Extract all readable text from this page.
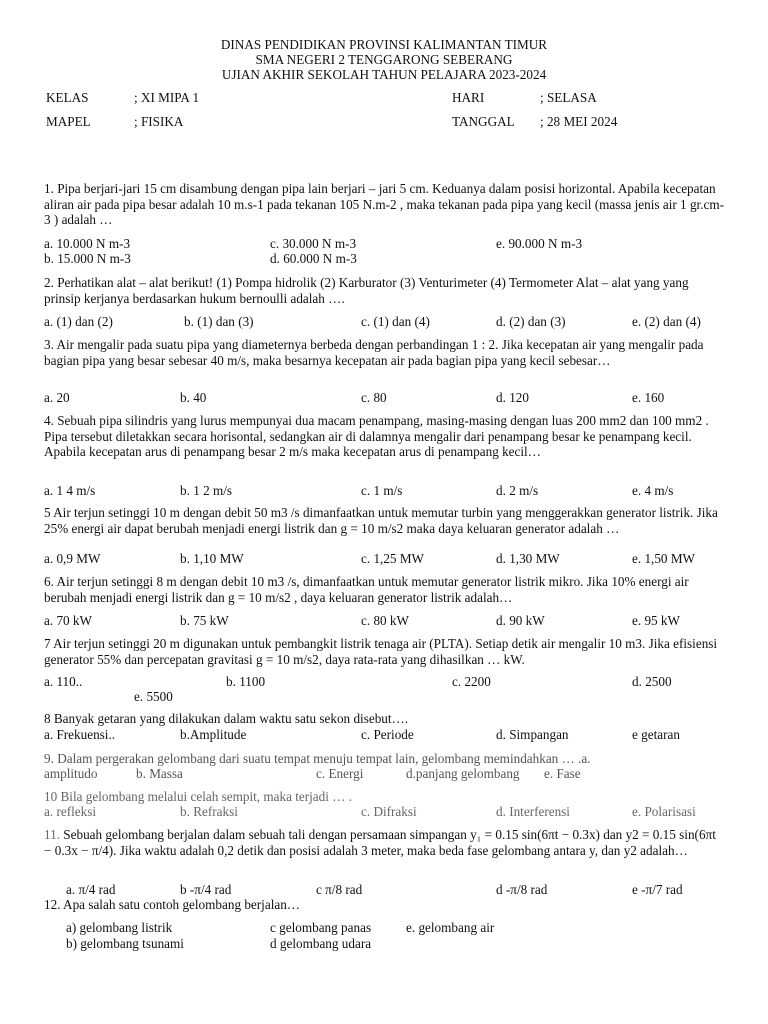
DINAS PENDIDIKAN PROVINSI KALIMANTAN TIMUR
SMA NEGERI 2 TENGGARONG SEBERANG
UJIAN AKHIR SEKOLAH TAHUN PELAJARA 2023-2024
KELAS	; XI MIPA 1	HARI	; SELASA
MAPEL	; FISIKA	TANGGAL ; 28 MEI 2024
1. Pipa berjari-jari 15 cm disambung dengan pipa lain berjari – jari 5 cm. Keduanya dalam posisi horizontal. Apabila kecepatan aliran air pada pipa besar adalah 10 m.s-1 pada tekanan 105 N.m-2 , maka tekanan pada pipa yang kecil (massa jenis air 1 gr.cm-3 ) adalah …
a. 10.000 N m-3	c. 30.000 N m-3	e. 90.000 N m-3
b. 15.000 N m-3	d. 60.000 N m-3
2. Perhatikan alat – alat berikut! (1) Pompa hidrolik (2) Karburator (3) Venturimeter (4) Termometer Alat – alat yang yang prinsip kerjanya berdasarkan hukum bernoulli adalah ….
a. (1) dan (2)	b. (1) dan (3)	c. (1) dan (4)	d. (2) dan (3)	e. (2) dan (4)
3. Air mengalir pada suatu pipa yang diameternya berbeda dengan perbandingan 1 : 2. Jika kecepatan air yang mengalir pada bagian pipa yang besar sebesar 40 m/s, maka besarnya kecepatan air pada bagian pipa yang kecil sebesar…
a. 20	b. 40	c. 80	d. 120	e. 160
4. Sebuah pipa silindris yang lurus mempunyai dua macam penampang, masing-masing dengan luas 200 mm2 dan 100 mm2 . Pipa tersebut diletakkan secara horisontal, sedangkan air di dalamnya mengalir dari penampang besar ke penampang kecil. Apabila kecepatan arus di penampang besar 2 m/s maka kecepatan arus di penampang kecil…
a. 1 4 m/s	b. 1 2 m/s	c. 1 m/s	d. 2 m/s	e. 4 m/s
5 Air terjun setinggi 10 m dengan debit 50 m3 /s dimanfaatkan untuk memutar turbin yang menggerakkan generator listrik. Jika 25% energi air dapat berubah menjadi energi listrik dan g = 10 m/s2 maka daya keluaran generator adalah …
a. 0,9 MW	b. 1,10 MW	c. 1,25 MW	d. 1,30 MW	e. 1,50 MW
6. Air terjun setinggi 8 m dengan debit 10 m3 /s, dimanfaatkan untuk memutar generator listrik mikro. Jika 10% energi air berubah menjadi energi listrik dan g = 10 m/s2 , daya keluaran generator listrik adalah…
a. 70 kW	b. 75 kW	c. 80 kW	d. 90 kW	e. 95 kW
7 Air terjun setinggi 20 m digunakan untuk pembangkit listrik tenaga air (PLTA). Setiap detik air mengalir 10 m3. Jika efisiensi generator 55% dan percepatan gravitasi g = 10 m/s2, daya rata-rata yang dihasilkan … kW.
a. 110..	b. 1100	c. 2200	d. 2500
e. 5500
8 Banyak getaran yang dilakukan dalam waktu satu sekon disebut….
a. Frekuensi..	b.Amplitude	c. Periode	d. Simpangan	e getaran
9. Dalam pergerakan gelombang dari suatu tempat menuju tempat lain, gelombang memindahkan … .a.
amplitudo	b. Massa	c. Energi	d.panjang gelombang e. Fase
10 Bila gelombang melalui celah sempit, maka terjadi … .
a. refleksi	b. Refraksi	c. Difraksi	d. Interferensi	e. Polarisasi
11. Sebuah gelombang berjalan dalam sebuah tali dengan persamaan simpangan y₁ = 0.15 sin(6πt − 0.3x) dan y2 = 0.15 sin(6πt − 0.3x − π/4). Jika waktu adalah 0,2 detik dan posisi adalah 3 meter, maka beda fase gelombang antara y, dan y2 adalah…
a. π/4 rad	b -π/4 rad	c π/8 rad	d -π/8 rad	e -π/7 rad
12. Apa salah satu contoh gelombang berjalan…
a) gelombang listrik	c gelombang panas	e. gelombang air
b) gelombang tsunami	d gelombang udara
